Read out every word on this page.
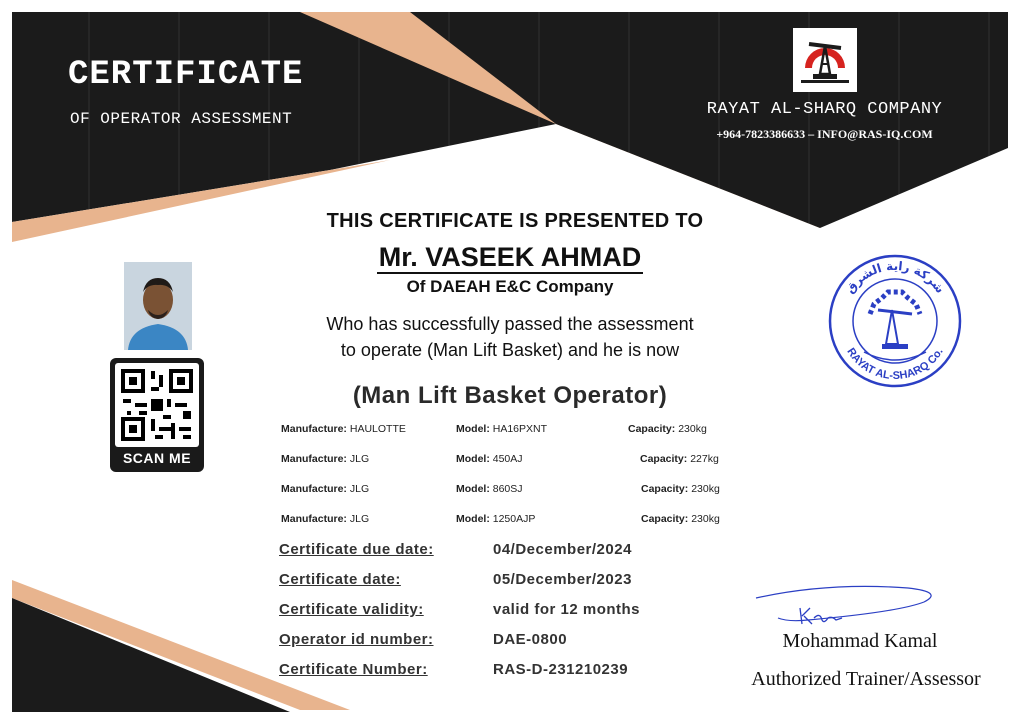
CERTIFICATE
OF OPERATOR ASSESSMENT	RAYAT AL-SHARQ COMPANY
+964-7823386633 – INFO@RAS-IQ.COM
THIS CERTIFICATE IS PRESENTED TO
Mr. VASEEK AHMAD
Of DAEAH E&C Company
Who has successfully passed the assessment
to operate (Man Lift Basket) and he is now
(Man Lift Basket Operator)
SCAN ME
Manufacture: HAULOTTE	Model: HA16PXNT	Capacity: 230kg
Manufacture: JLG	Model: 450AJ	Capacity: 227kg
Manufacture: JLG	Model: 860SJ	Capacity: 230kg
Manufacture: JLG	Model: 1250AJP	Capacity: 230kg
Certificate due date:	04/December/2024
Certificate date:	05/December/2023
Certificate validity:	valid for 12 months
Operator id number:	DAE-0800
Certificate Number:	RAS-D-231210239
شركة راية الشرق
RAYAT AL-SHARQ Co.
Mohammad Kamal
Authorized Trainer/Assessor
